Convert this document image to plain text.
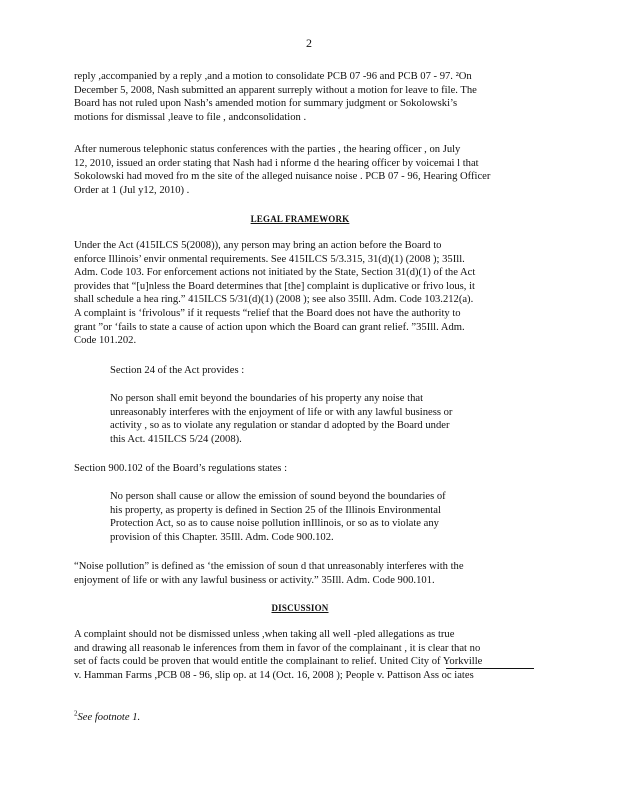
2
reply ,accompanied by a reply ,and a motion to consolidate PCB 07 -96 and PCB 07 - 97. ²On
December 5, 2008, Nash submitted an apparent surreply without a motion for leave to file. The
Board has not ruled upon Nash’s amended motion for summary judgment or Sokolowski’s
motions for dismissal ,leave to file , andconsolidation .
After numerous telephonic status conferences with the parties , the hearing officer , on July
12, 2010, issued an order stating that Nash had i nforme d the hearing officer by voicemai l that
Sokolowski had moved fro m the site of the alleged nuisance noise . PCB 07 - 96, Hearing Officer
Order at 1 (Jul y12, 2010) .
LEGAL FRAMEWORK
Under the Act (415ILCS 5(2008)), any person may bring an action before the Board to
enforce Illinois’ envir onmental requirements. See 415ILCS 5/3.315, 31(d)(1) (2008 ); 35Ill.
Adm. Code 103. For enforcement actions not initiated by the State, Section 31(d)(1) of the Act
provides that “[u]nless the Board determines that [the] complaint is duplicative or frivo lous, it
shall schedule a hea ring.” 415ILCS 5/31(d)(1) (2008 ); see also 35Ill. Adm. Code 103.212(a).
A complaint is ‘frivolous” if it requests “relief that the Board does not have the authority to
grant ”or ‘fails to state a cause of action upon which the Board can grant relief. ”35Ill. Adm.
Code 101.202.
Section 24 of the Act provides :
No person shall emit beyond the boundaries of his property any noise that
unreasonably interferes with the enjoyment of life or with any lawful business or
activity , so as to violate any regulation or standar d adopted by the Board under
this Act. 415ILCS 5/24 (2008).
Section 900.102 of the Board’s regulations states :
No person shall cause or allow the emission of sound beyond the boundaries of
his property, as property is defined in Section 25 of the Illinois Environmental
Protection Act, so as to cause noise pollution inIllinois, or so as to violate any
provision of this Chapter. 35Ill. Adm. Code 900.102.
“Noise pollution” is defined as ‘the emission of soun d that unreasonably interferes with the
enjoyment of life or with any lawful business or activity.” 35Ill. Adm. Code 900.101.
DISCUSSION
A complaint should not be dismissed unless ,when taking all well -pled allegations as true
and drawing all reasonab le inferences from them in favor of the complainant , it is clear that no
set of facts could be proven that would entitle the complainant to relief. United City of Yorkville
v. Hamman Farms ,PCB 08 - 96, slip op. at 14 (Oct. 16, 2008 ); People v. Pattison Ass oc iates
$^2$See footnote 1.
